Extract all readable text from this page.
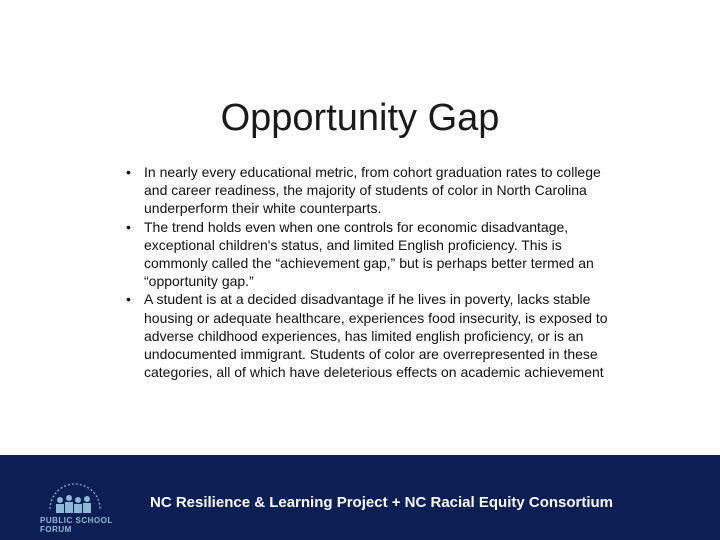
Opportunity Gap
• In nearly every educational metric, from cohort graduation rates to college and career readiness, the majority of students of color in North Carolina underperform their white counterparts.
• The trend holds even when one controls for economic disadvantage, exceptional children's status, and limited English proficiency. This is commonly called the “achievement gap,” but is perhaps better termed an “opportunity gap.”
• A student is at a decided disadvantage if he lives in poverty, lacks stable housing or adequate healthcare, experiences food insecurity, is exposed to adverse childhood experiences, has limited english proficiency, or is an undocumented immigrant. Students of color are overrepresented in these categories, all of which have deleterious effects on academic achievement
PUBLIC SCHOOL
FORUM
NC Resilience & Learning Project + NC Racial Equity Consortium
